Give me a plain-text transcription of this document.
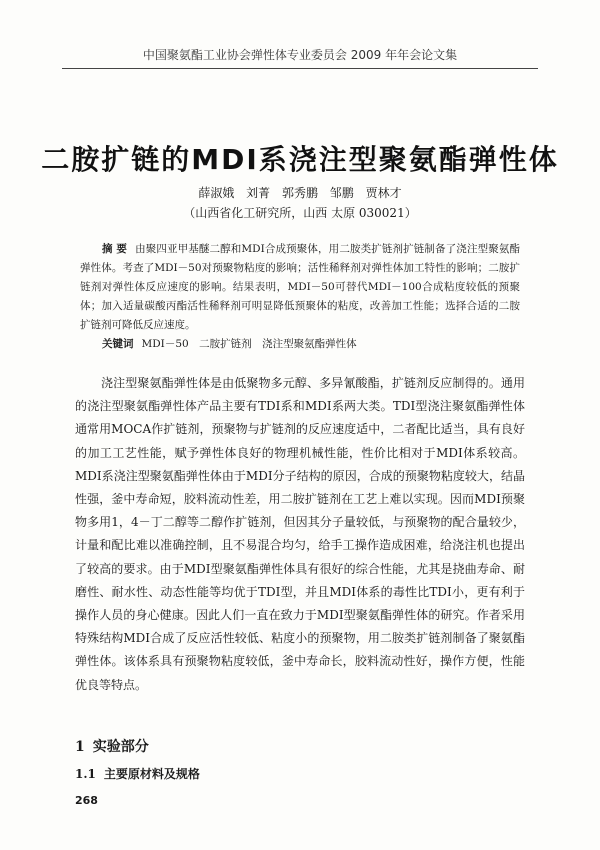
中国聚氨酯工业协会弹性体专业委员会 2009 年年会论文集
二胺扩链的MDI系浇注型聚氨酯弹性体
薛淑娥 刘菁 郭秀鹏 邹鹏 贾林才
（山西省化工研究所，山西 太原 030021）
摘 要 由聚四亚甲基醚二醇和MDI合成预聚体，用二胺类扩链剂扩链制备了浇注型聚氨酯弹性体。考查了MDI－50对预聚物粘度的影响；活性稀释剂对弹性体加工特性的影响；二胺扩链剂对弹性体反应速度的影响。结果表明，MDI－50可替代MDI－100合成粘度较低的预聚体；加入适量碳酸丙酯活性稀释剂可明显降低预聚体的粘度，改善加工性能；选择合适的二胺扩链剂可降低反应速度。
关键词 MDI－50　二胺扩链剂　浇注型聚氨酯弹性体
浇注型聚氨酯弹性体是由低聚物多元醇、多异氰酸酯，扩链剂反应制得的。通用的浇注型聚氨酯弹性体产品主要有TDI系和MDI系两大类。TDI型浇注聚氨酯弹性体通常用MOCA作扩链剂，预聚物与扩链剂的反应速度适中，二者配比适当，具有良好的加工工艺性能，赋予弹性体良好的物理机械性能，性价比相对于MDI体系较高。MDI系浇注型聚氨酯弹性体由于MDI分子结构的原因，合成的预聚物粘度较大，结晶性强，釜中寿命短，胶料流动性差，用二胺扩链剂在工艺上难以实现。因而MDI预聚物多用1，4－丁二醇等二醇作扩链剂，但因其分子量较低，与预聚物的配合量较少，计量和配比难以准确控制，且不易混合均匀，给手工操作造成困难，给浇注机也提出了较高的要求。由于MDI型聚氨酯弹性体具有很好的综合性能，尤其是挠曲寿命、耐磨性、耐水性、动态性能等均优于TDI型，并且MDI体系的毒性比TDI小，更有利于操作人员的身心健康。因此人们一直在致力于MDI型聚氨酯弹性体的研究。作者采用特殊结构MDI合成了反应活性较低、粘度小的预聚物，用二胺类扩链剂制备了聚氨酯弹性体。该体系具有预聚物粘度较低，釜中寿命长，胶料流动性好，操作方便，性能优良等特点。
1 实验部分
1.1 主要原材料及规格
268
